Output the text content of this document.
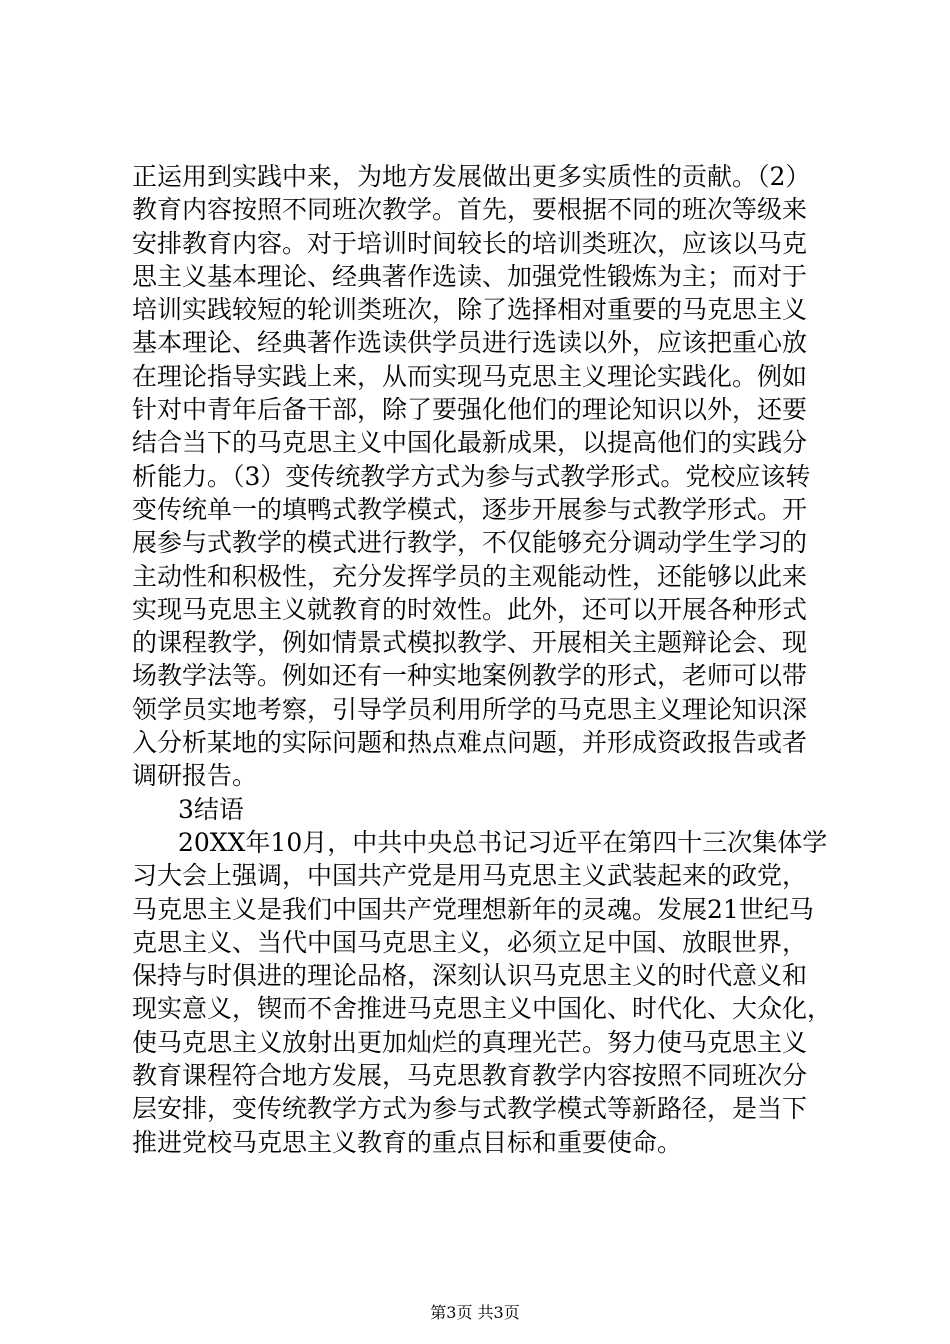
正运用到实践中来，为地方发展做出更多实质性的贡献。（2）
教育内容按照不同班次教学。首先，要根据不同的班次等级来
安排教育内容。对于培训时间较长的培训类班次，应该以马克
思主义基本理论、经典著作选读、加强党性锻炼为主；而对于
培训实践较短的轮训类班次，除了选择相对重要的马克思主义
基本理论、经典著作选读供学员进行选读以外，应该把重心放
在理论指导实践上来，从而实现马克思主义理论实践化。例如
针对中青年后备干部，除了要强化他们的理论知识以外，还要
结合当下的马克思主义中国化最新成果，以提高他们的实践分
析能力。（3）变传统教学方式为参与式教学形式。党校应该转
变传统单一的填鸭式教学模式，逐步开展参与式教学形式。开
展参与式教学的模式进行教学，不仅能够充分调动学生学习的
主动性和积极性，充分发挥学员的主观能动性，还能够以此来
实现马克思主义就教育的时效性。此外，还可以开展各种形式
的课程教学，例如情景式模拟教学、开展相关主题辩论会、现
场教学法等。例如还有一种实地案例教学的形式，老师可以带
领学员实地考察，引导学员利用所学的马克思主义理论知识深
入分析某地的实际问题和热点难点问题，并形成资政报告或者
调研报告。
3结语
20XX年10月，中共中央总书记习近平在第四十三次集体学
习大会上强调，中国共产党是用马克思主义武装起来的政党，
马克思主义是我们中国共产党理想新年的灵魂。发展21世纪马
克思主义、当代中国马克思主义，必须立足中国、放眼世界，
保持与时俱进的理论品格，深刻认识马克思主义的时代意义和
现实意义，锲而不舍推进马克思主义中国化、时代化、大众化，
使马克思主义放射出更加灿烂的真理光芒。努力使马克思主义
教育课程符合地方发展，马克思教育教学内容按照不同班次分
层安排，变传统教学方式为参与式教学模式等新路径，是当下
推进党校马克思主义教育的重点目标和重要使命。
第3页 共3页
